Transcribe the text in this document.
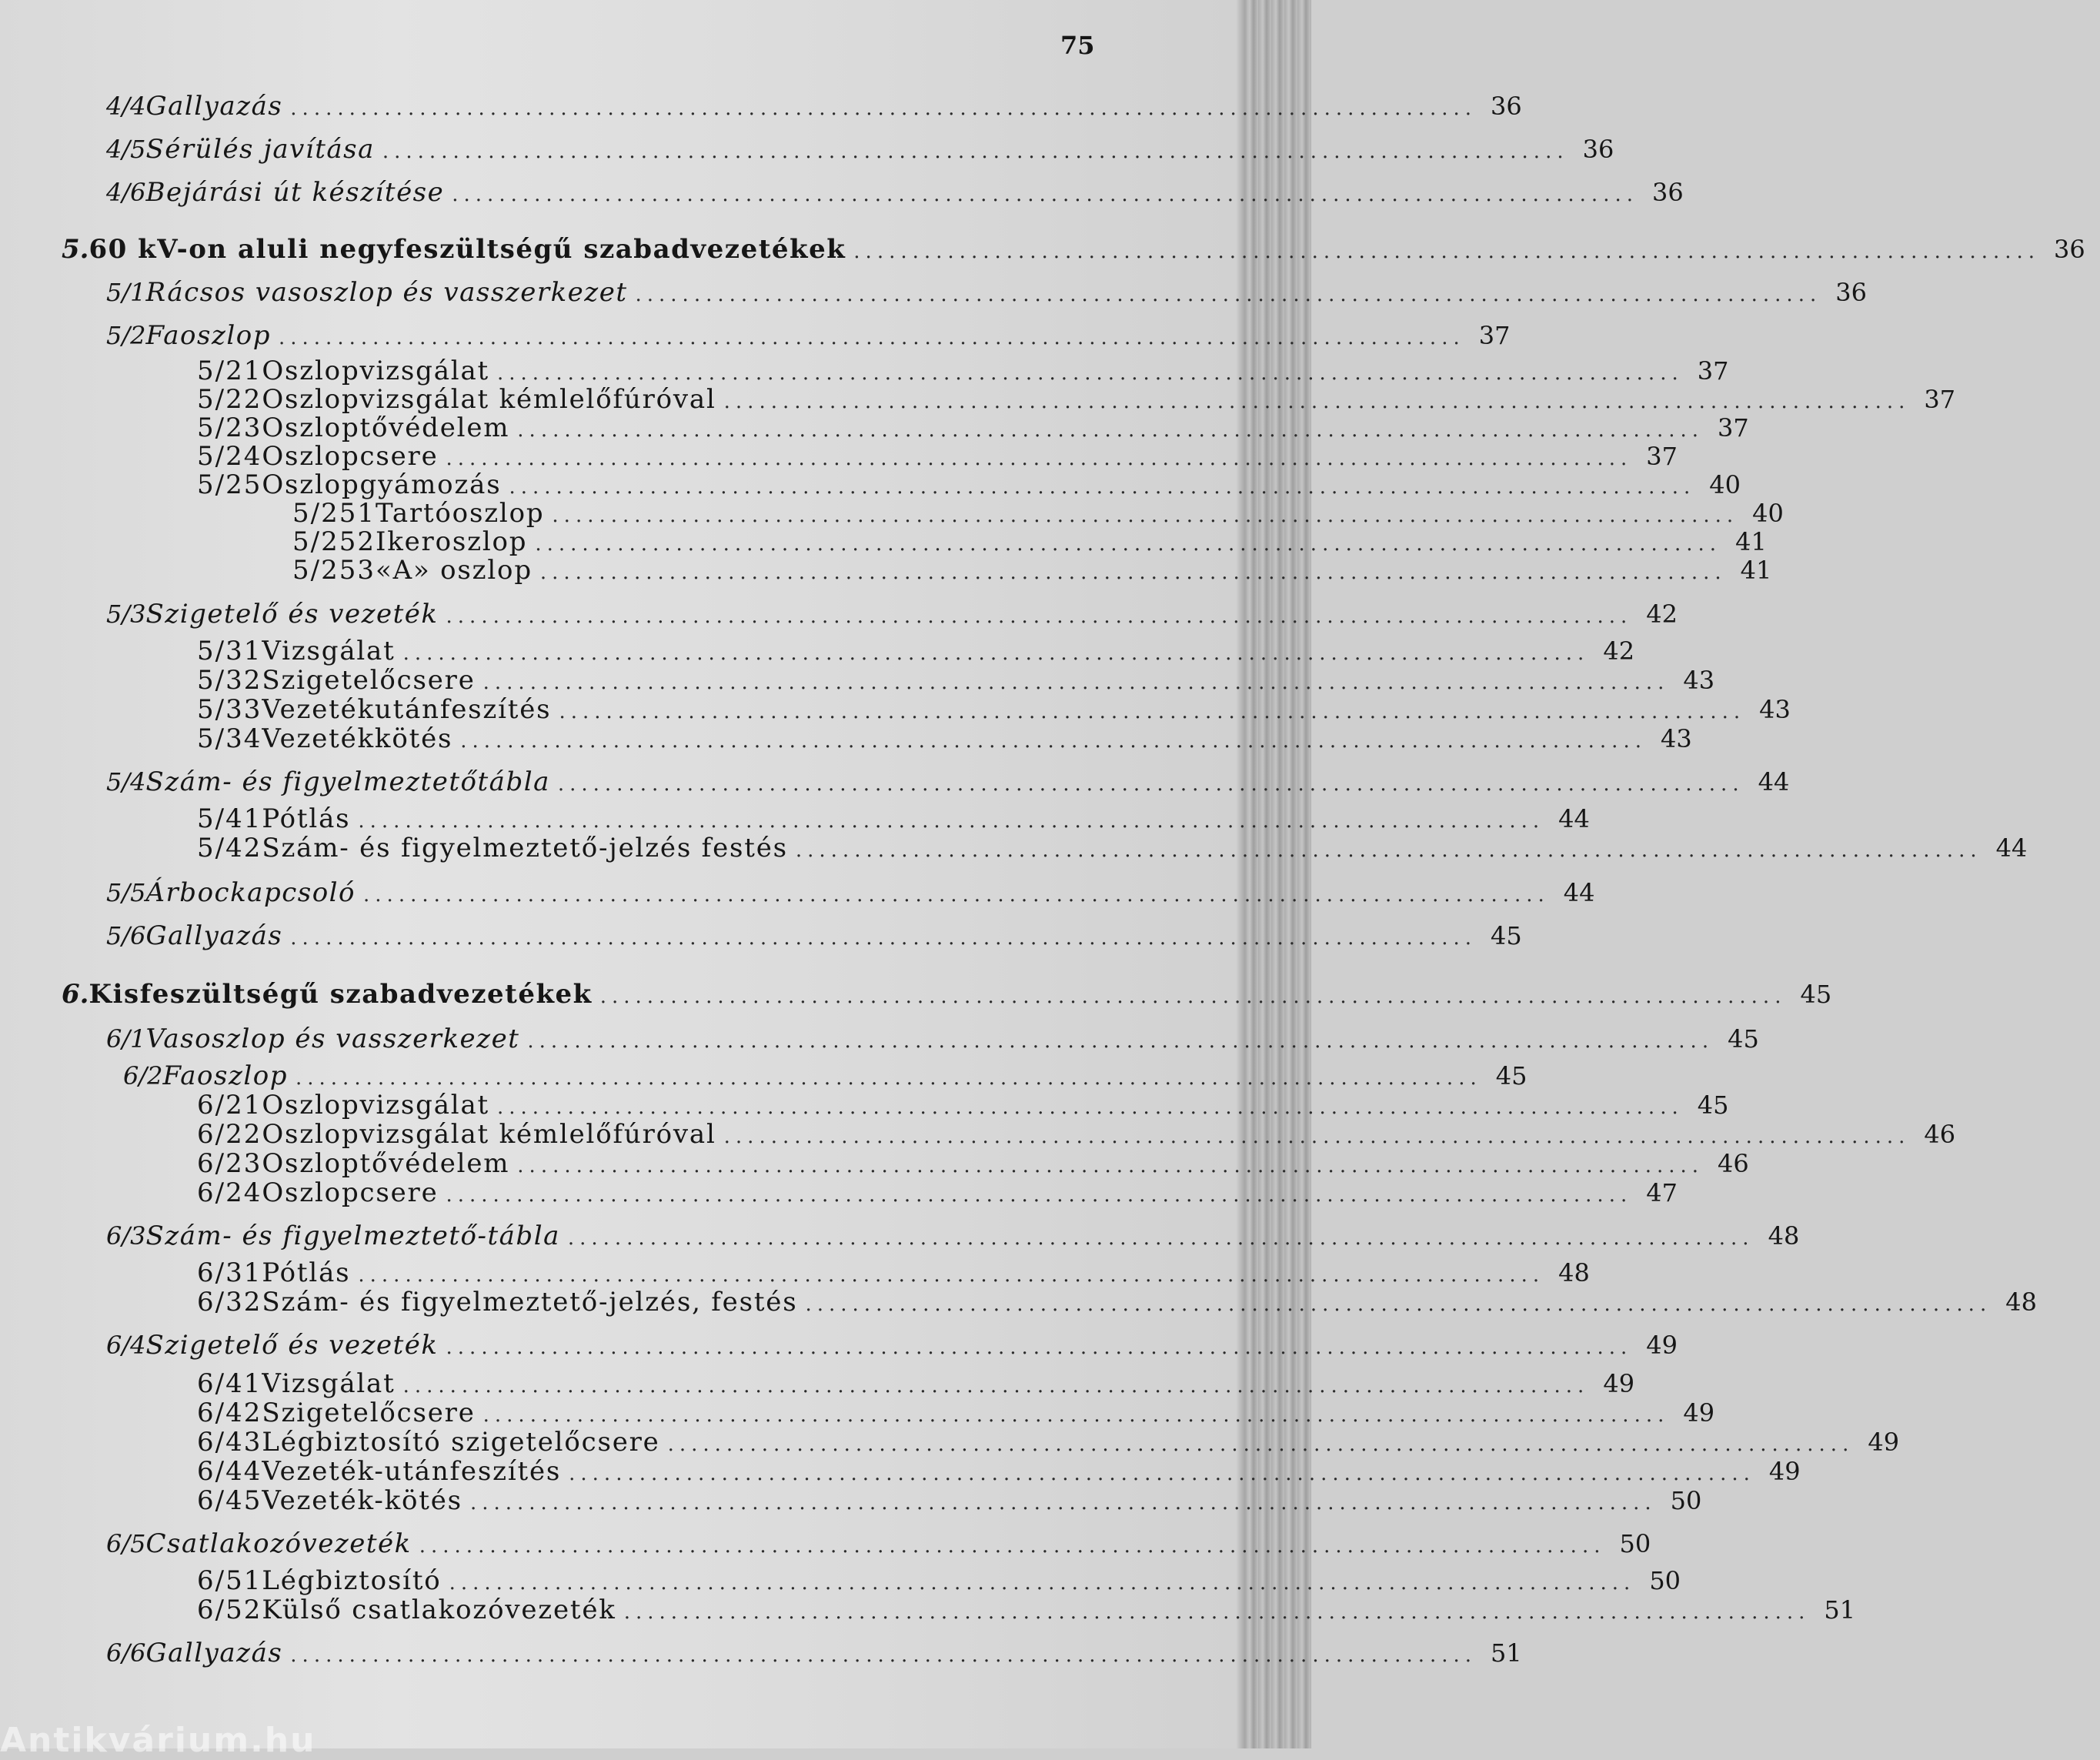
75
4/4 Gallyazás ..................................................................................................... 36
4/5 Sérülés javítása ..................................................................................................... 36
4/6 Bejárási út készítése ..................................................................................................... 36
5. 60 kV-on aluli negyfeszültségű szabadvezetékek ..................................................................................................... 36
5/1 Rácsos vasoszlop és vasszerkezet ..................................................................................................... 36
5/2 Faoszlop ..................................................................................................... 37
5/21 Oszlopvizsgálat ..................................................................................................... 37
5/22 Oszlopvizsgálat kémlelőfúróval ..................................................................................................... 37
5/23 Oszloptővédelem ..................................................................................................... 37
5/24 Oszlopcsere ..................................................................................................... 37
5/25 Oszlopgyámozás ..................................................................................................... 40
5/251 Tartóoszlop ..................................................................................................... 40
5/252 Ikeroszlop ..................................................................................................... 41
5/253 «A» oszlop ..................................................................................................... 41
5/3 Szigetelő és vezeték ..................................................................................................... 42
5/31 Vizsgálat ..................................................................................................... 42
5/32 Szigetelőcsere ..................................................................................................... 43
5/33 Vezetékutánfeszítés ..................................................................................................... 43
5/34 Vezetékkötés ..................................................................................................... 43
5/4 Szám- és figyelmeztetőtábla ..................................................................................................... 44
5/41 Pótlás ..................................................................................................... 44
5/42 Szám- és figyelmeztető-jelzés festés ..................................................................................................... 44
5/5 Árbockapcsoló ..................................................................................................... 44
5/6 Gallyazás ..................................................................................................... 45
6. Kisfeszültségű szabadvezetékek ..................................................................................................... 45
6/1 Vasoszlop és vasszerkezet ..................................................................................................... 45
6/2 Faoszlop ..................................................................................................... 45
6/21 Oszlopvizsgálat ..................................................................................................... 45
6/22 Oszlopvizsgálat kémlelőfúróval ..................................................................................................... 46
6/23 Oszloptővédelem ..................................................................................................... 46
6/24 Oszlopcsere ..................................................................................................... 47
6/3 Szám- és figyelmeztető-tábla ..................................................................................................... 48
6/31 Pótlás ..................................................................................................... 48
6/32 Szám- és figyelmeztető-jelzés, festés ..................................................................................................... 48
6/4 Szigetelő és vezeték ..................................................................................................... 49
6/41 Vizsgálat ..................................................................................................... 49
6/42 Szigetelőcsere ..................................................................................................... 49
6/43 Légbiztosító szigetelőcsere ..................................................................................................... 49
6/44 Vezeték-utánfeszítés ..................................................................................................... 49
6/45 Vezeték-kötés ..................................................................................................... 50
6/5 Csatlakozóvezeték ..................................................................................................... 50
6/51 Légbiztosító ..................................................................................................... 50
6/52 Külső csatlakozóvezeték ..................................................................................................... 51
6/6 Gallyazás ..................................................................................................... 51
Antikvárium.hu
